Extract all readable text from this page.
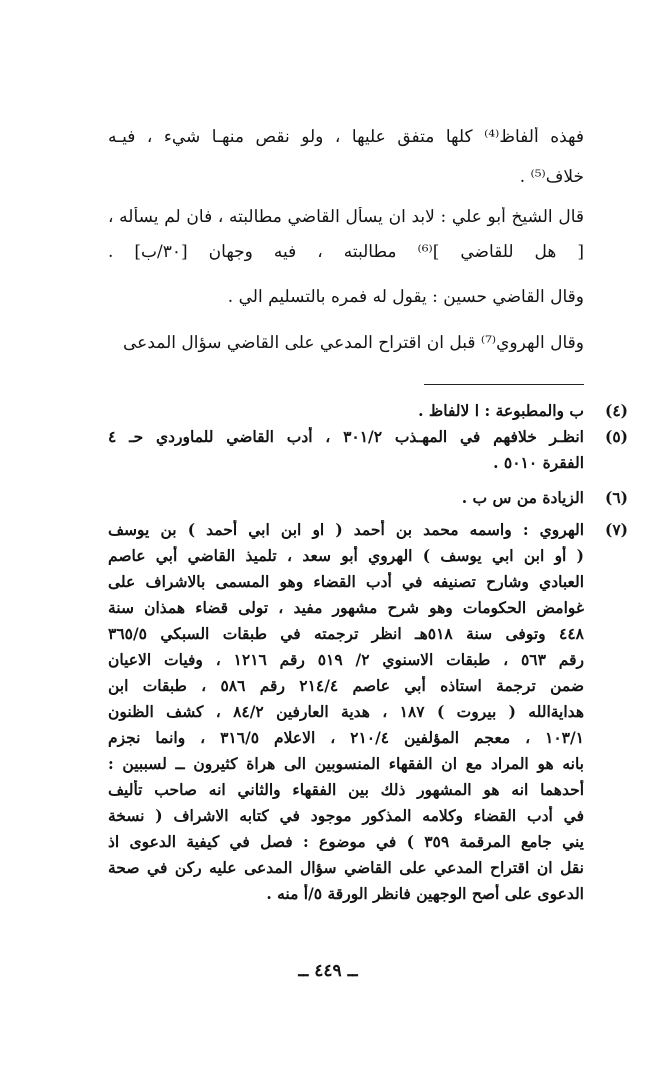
فهذه ألفاظ⁽⁴⁾ كلها متفق عليها ، ولو نقص منهـا شيء ، فيـه
خلاف⁽⁵⁾ .
قال الشيخ أبو علي : لابد ان يسأل القاضي مطالبته ، فان لم يسأله ،
[ هل للقاضي ]⁽⁶⁾ مطالبته ، فيه وجهان [٣٠/ب] .
وقال القاضي حسين : يقول له فمره بالتسليم الي .
وقال الهروي⁽⁷⁾ قبل ان اقتراح المدعي على القاضي سؤال المدعى
(٤)
ب والمطبوعة : ا لالفاظ .
(٥)
انظـر خلافهم في المهـذب ٣٠١/٢ ، أدب القاضي للماوردي حـ ٤
الفقرة ٥٠١٠ .
(٦)
الزيادة من س ب .
(٧)
الهروي : واسمه محمد بن أحمد ( او ابن ابي أحمد ) بن يوسف
( أو ابن ابي يوسف ) الهروي أبو سعد ، تلميذ القاضي أبي عاصم
العبادي وشارح تصنيفه في أدب القضاء وهو المسمى بالاشراف على
غوامض الحكومات وهو شرح مشهور مفيد ، تولى قضاء همذان سنة
٤٤٨ وتوفى سنة ٥١٨هـ انظر ترجمته في طبقات السبكي ٣٦٥/٥
رقم ٥٦٣ ، طبقات الاسنوي ٢/ ٥١٩ رقم ١٢١٦ ، وفيات الاعيان
ضمن ترجمة استاذه أبي عاصم ٢١٤/٤ رقم ٥٨٦ ، طبقات ابن
هدايةالله ( بيروت ) ١٨٧ ، هدية العارفين ٨٤/٢ ، كشف الظنون
١٠٣/١ ، معجم المؤلفين ٢١٠/٤ ، الاعلام ٣١٦/٥ ، وانما نجزم
بانه هو المراد مع ان الفقهاء المنسوبين الى هراة كثيرون ــ لسببين :
أحدهما انه هو المشهور ذلك بين الفقهاء والثاني انه صاحب تأليف
في أدب القضاء وكلامه المذكور موجود في كتابه الاشراف ( نسخة
يني جامع المرقمة ٣٥٩ ) في موضوع : فصل في كيفية الدعوى اذ
نقل ان اقتراح المدعي على القاضي سؤال المدعى عليه ركن في صحة
الدعوى على أصح الوجهين فانظر الورقة ٥/أ منه .
ــ ٤٤٩ ــ
